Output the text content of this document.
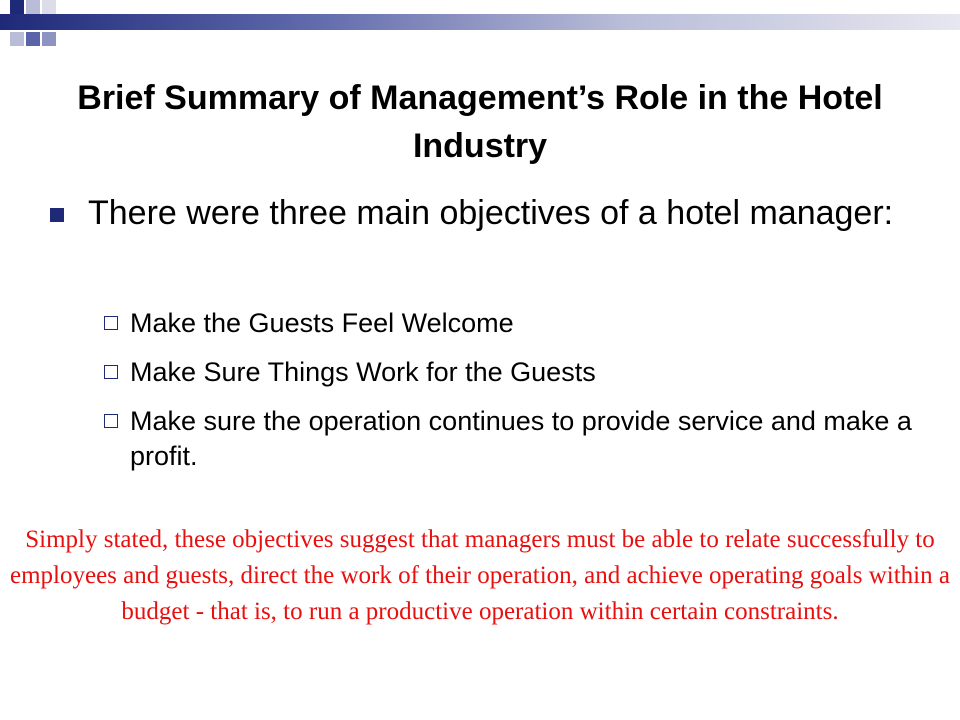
Brief Summary of Management’s Role in the Hotel Industry
There were three main objectives of a hotel manager:
Make the Guests Feel Welcome
Make Sure Things Work for the Guests
Make sure the operation continues to provide service and make a profit.

Simply stated, these objectives suggest that managers must be able to relate successfully to employees and guests, direct the work of their operation, and achieve operating goals within a budget - that is, to run a productive operation within certain constraints.
